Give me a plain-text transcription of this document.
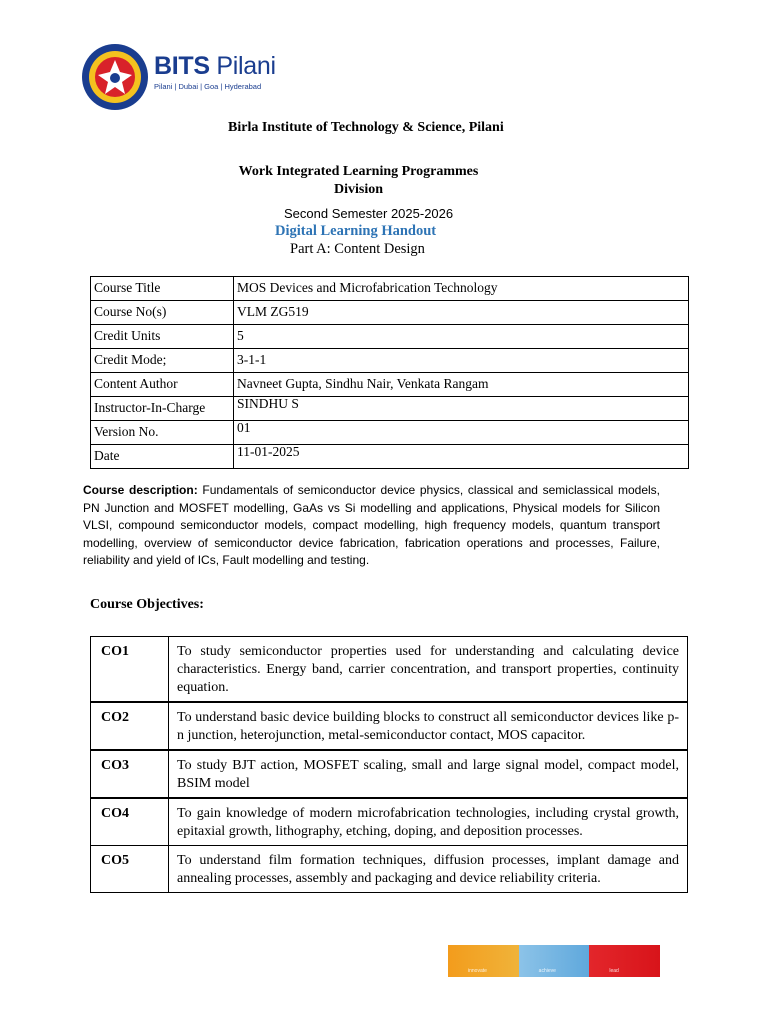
BITS Pilani
Pilani | Dubai | Goa | Hyderabad
Birla Institute of Technology & Science, Pilani
Work Integrated Learning Programmes Division
Second Semester 2025-2026
Digital Learning Handout
Part A: Content Design
Course Title	MOS Devices and Microfabrication Technology
Course No(s)	VLM ZG519
Credit Units	5
Credit Mode;	3-1-1
Content Author	Navneet Gupta, Sindhu Nair, Venkata Rangam
Instructor-In-Charge	SINDHU S
Version No.	01
Date	11-01-2025
Course description: Fundamentals of semiconductor device physics, classical and semiclassical models, PN Junction and MOSFET modelling, GaAs vs Si modelling and applications, Physical models for Silicon VLSI, compound semiconductor models, compact modelling, high frequency models, quantum transport modelling, overview of semiconductor device fabrication, fabrication operations and processes, Failure, reliability and yield of ICs, Fault modelling and testing.
Course Objectives:
CO1	To study semiconductor properties used for understanding and calculating device characteristics. Energy band, carrier concentration, and transport properties, continuity equation.
CO2	To understand basic device building blocks to construct all semiconductor devices like p-n junction, heterojunction, metal-semiconductor contact, MOS capacitor.
CO3	To study BJT action, MOSFET scaling, small and large signal model, compact model, BSIM model
CO4	To gain knowledge of modern microfabrication technologies, including crystal growth, epitaxial growth, lithography, etching, doping, and deposition processes.
CO5	To understand film formation techniques, diffusion processes, implant damage and annealing processes, assembly and packaging and device reliability criteria.
innovate	achieve	lead
